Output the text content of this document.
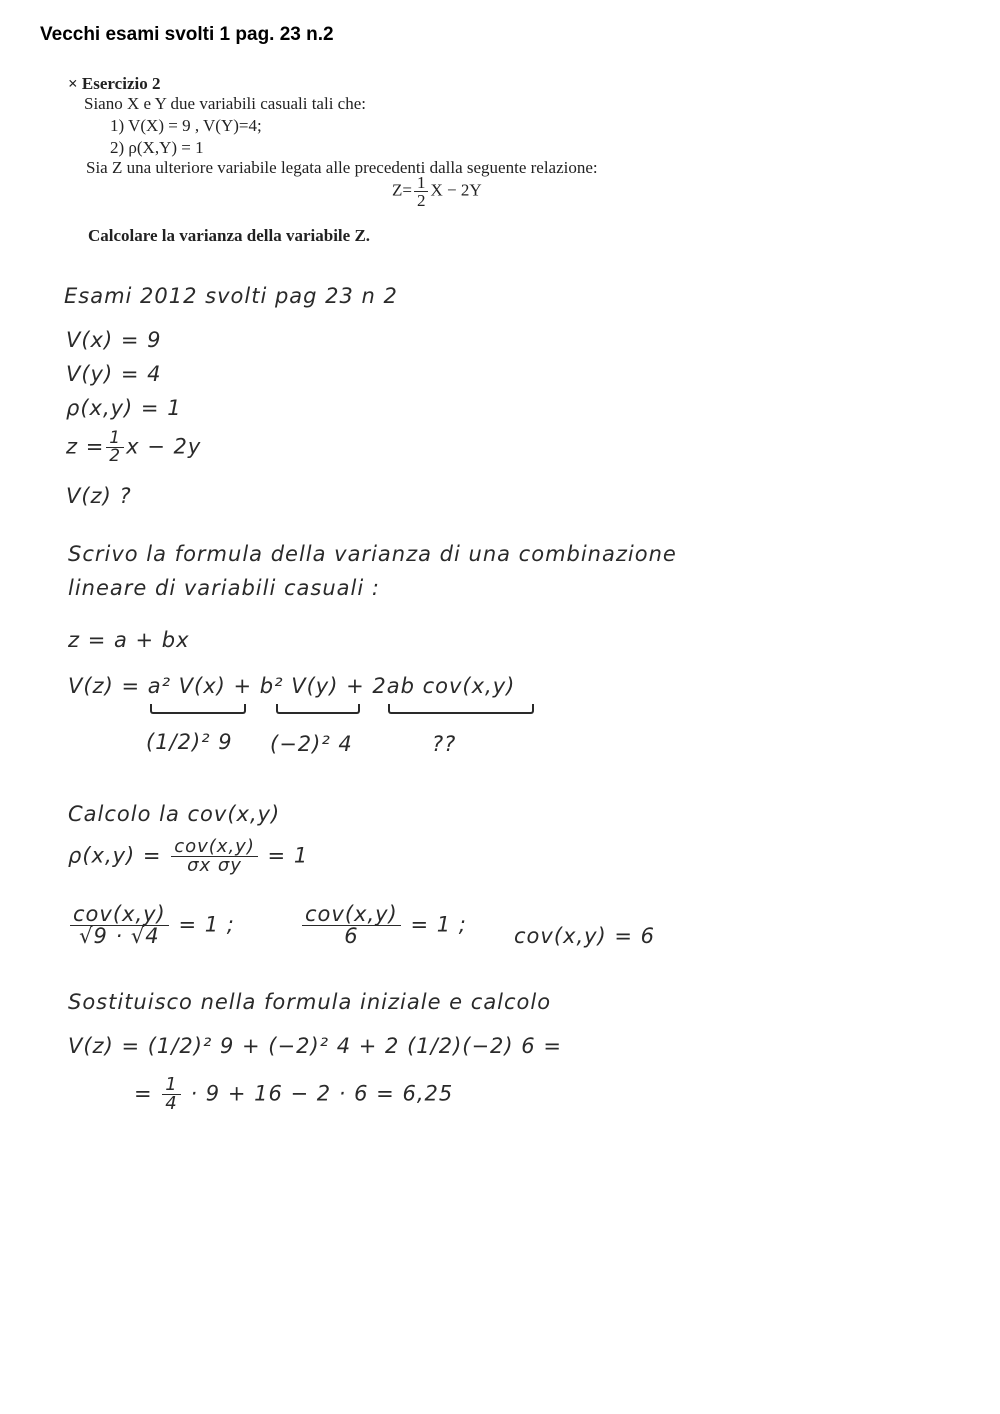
Vecchi esami svolti 1 pag. 23 n.2
× Esercizio 2
Siano X e Y due variabili casuali tali che:
1) V(X) = 9 , V(Y)=4;
2) ρ(X,Y) = 1
Sia Z una ulteriore variabile legata alle precedenti dalla seguente relazione:
$Z= \frac{1}{2}$ X − 2Y
Calcolare la varianza della variabile Z.
Esami 2012 svolti pag 23 n 2
V(x) = 9
V(y) = 4
ρ(x,y) = 1
$z = \frac{1}{2}$ x − 2y
V(z) ?
Scrivo la formula della varianza di una combinazione
lineare di variabili casuali :
z = a + bx
V(z) = a² V(x) + b² V(y) + 2ab cov(x,y)
(1/2)² 9 (−2)² 4	??
Calcolo la cov(x,y)
$\rho(x,y) = \frac{\text{cov(x,y)}}{\text{σx σy}} = 1$
$\frac{\text{cov(x,y)}}{√9 \cdot √4} = 1$ ;	$\frac{\text{cov(x,y)}}{6} = 1$ ; cov(x,y) = 6
Sostituisco nella formula iniziale e calcolo
V(z) = (1/2)² 9 + (−2)² 4 + 2 (1/2)(−2) 6 =
= $\frac{1}{4} \cdot 9 + 16 - 2 \cdot 6 = 6,25$
